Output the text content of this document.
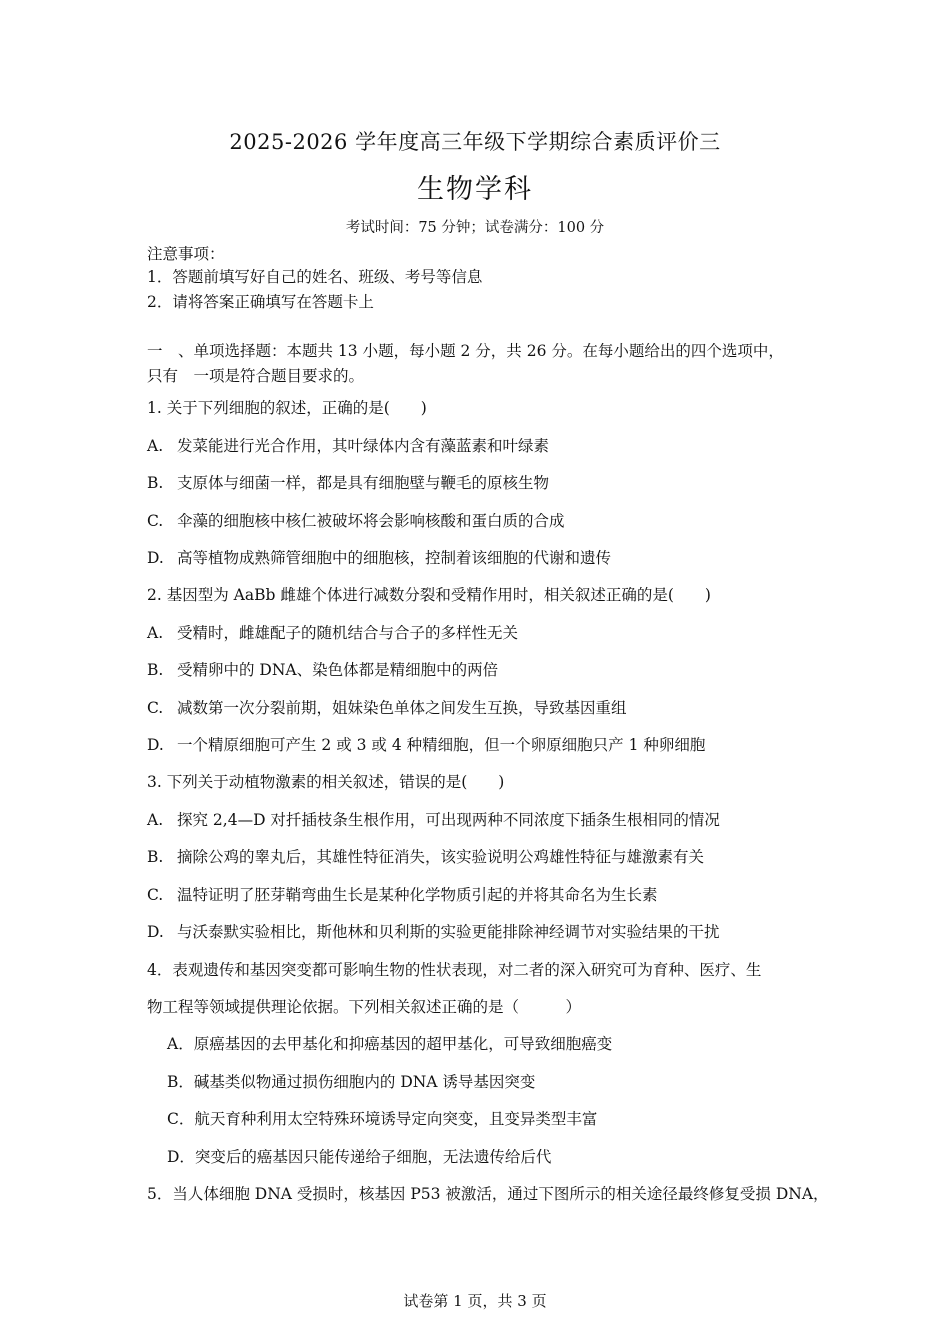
2025-2026 学年度高三年级下学期综合素质评价三
生物学科
考试时间：75 分钟；试卷满分：100 分
注意事项：
1．答题前填写好自己的姓名、班级、考号等信息
2．请将答案正确填写在答题卡上
一　、单项选择题：本题共 13 小题，每小题 2 分，共 26 分。在每小题给出的四个选项中，
只有　一项是符合题目要求的。
1. 关于下列细胞的叙述，正确的是(　　)
A. 发菜能进行光合作用，其叶绿体内含有藻蓝素和叶绿素
B. 支原体与细菌一样，都是具有细胞壁与鞭毛的原核生物
C. 伞藻的细胞核中核仁被破坏将会影响核酸和蛋白质的合成
D. 高等植物成熟筛管细胞中的细胞核，控制着该细胞的代谢和遗传
2. 基因型为 AaBb 雌雄个体进行减数分裂和受精作用时，相关叙述正确的是(　　)
A. 受精时，雌雄配子的随机结合与合子的多样性无关
B. 受精卵中的 DNA、染色体都是精细胞中的两倍
C. 减数第一次分裂前期，姐妹染色单体之间发生互换，导致基因重组
D. 一个精原细胞可产生 2 或 3 或 4 种精细胞，但一个卵原细胞只产 1 种卵细胞
3. 下列关于动植物激素的相关叙述，错误的是(　　)
A. 探究 2,4—D 对扦插枝条生根作用，可出现两种不同浓度下插条生根相同的情况
B. 摘除公鸡的睾丸后，其雄性特征消失，该实验说明公鸡雄性特征与雄激素有关
C. 温特证明了胚芽鞘弯曲生长是某种化学物质引起的并将其命名为生长素
D. 与沃泰默实验相比，斯他林和贝利斯的实验更能排除神经调节对实验结果的干扰
4．表观遗传和基因突变都可影响生物的性状表现，对二者的深入研究可为育种、医疗、生
物工程等领域提供理论依据。下列相关叙述正确的是（　　　）
A．原癌基因的去甲基化和抑癌基因的超甲基化，可导致细胞癌变
B．碱基类似物通过损伤细胞内的 DNA 诱导基因突变
C．航天育种利用太空特殊环境诱导定向突变，且变异类型丰富
D．突变后的癌基因只能传递给子细胞，无法遗传给后代
5．当人体细胞 DNA 受损时，核基因 P53 被激活，通过下图所示的相关途径最终修复受损 DNA，
试卷第 1 页，共 3 页
